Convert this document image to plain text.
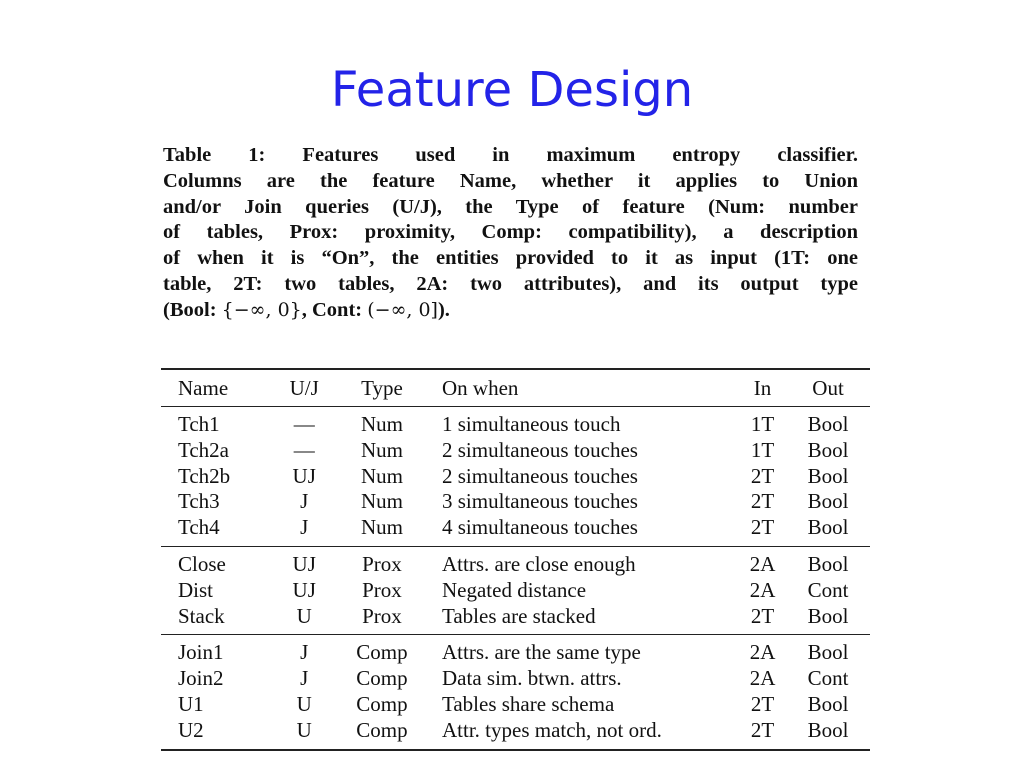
Feature Design
Table 1: Features used in maximum entropy classifier.
Columns are the feature Name, whether it applies to Union
and/or Join queries (U/J), the Type of feature (Num: number
of tables, Prox: proximity, Comp: compatibility), a description
of when it is “On”, the entities provided to it as input (1T: one
table, 2T: two tables, 2A: two attributes), and its output type
(Bool: {−∞, 0}, Cont: (−∞, 0]).
Name	U/J	Type	On when	In	Out
Tch1	—	Num	1 simultaneous touch	1T	Bool
Tch2a	—	Num	2 simultaneous touches	1T	Bool
Tch2b	UJ	Num	2 simultaneous touches	2T	Bool
Tch3	J	Num	3 simultaneous touches	2T	Bool
Tch4	J	Num	4 simultaneous touches	2T	Bool
Close	UJ	Prox	Attrs. are close enough	2A	Bool
Dist	UJ	Prox	Negated distance	2A	Cont
Stack	U	Prox	Tables are stacked	2T	Bool
Join1	J	Comp	Attrs. are the same type	2A	Bool
Join2	J	Comp	Data sim. btwn. attrs.	2A	Cont
U1	U	Comp	Tables share schema	2T	Bool
U2	U	Comp	Attr. types match, not ord.	2T	Bool
